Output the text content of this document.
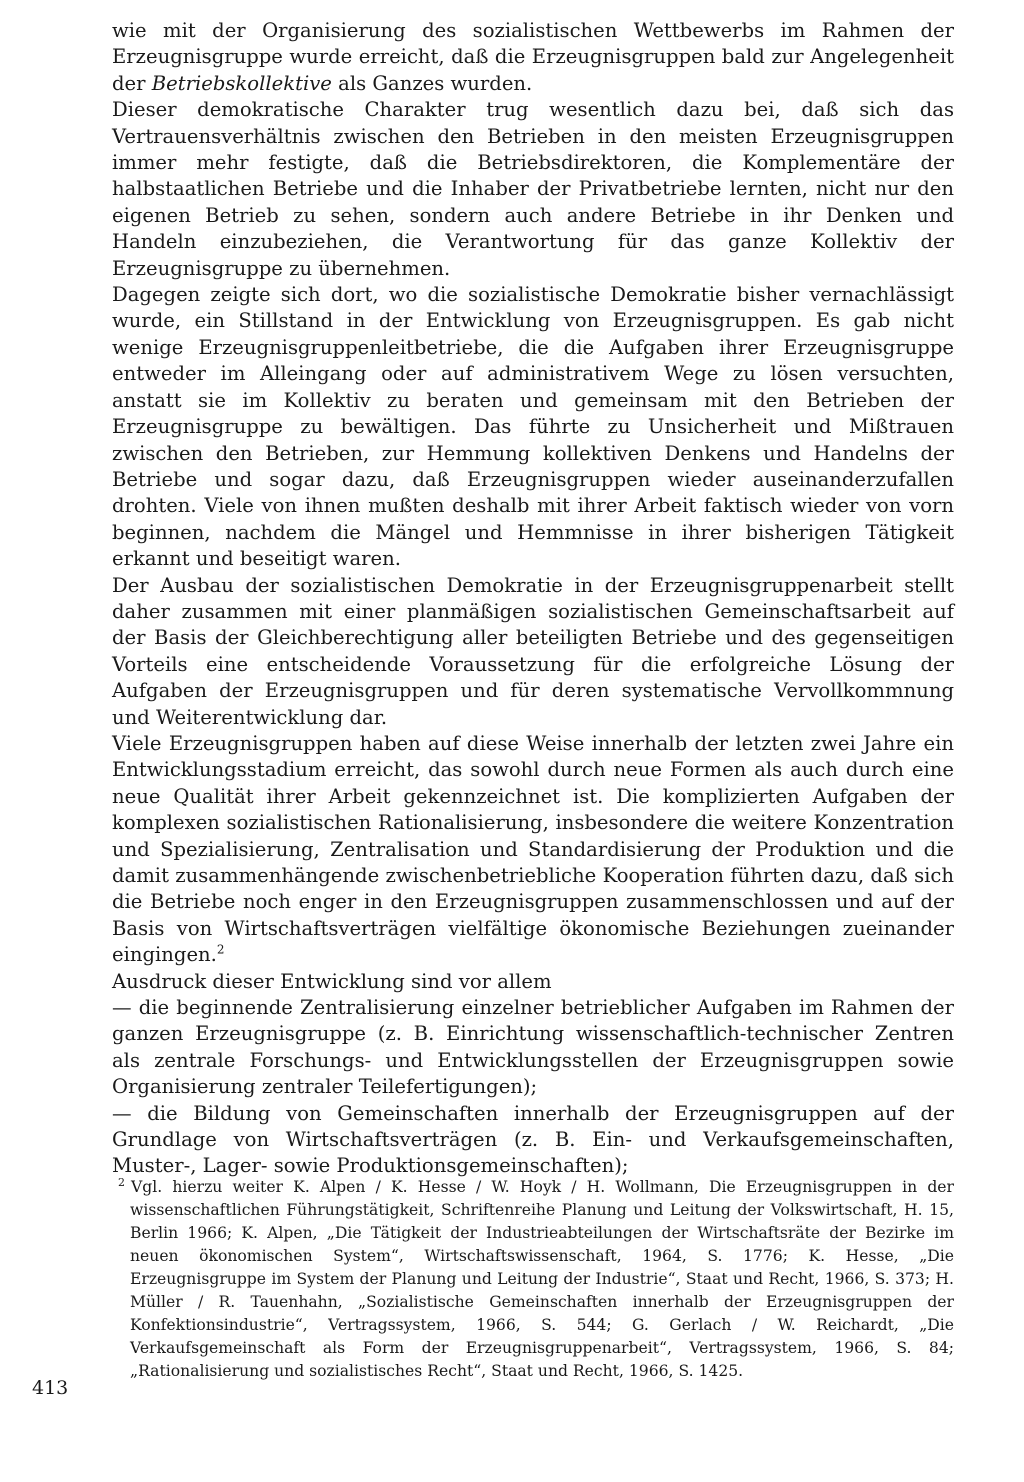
wie mit der Organisierung des sozialistischen Wettbewerbs im Rahmen der Erzeugnisgruppe wurde erreicht, daß die Erzeugnisgruppen bald zur Angelegenheit der Betriebskollektive als Ganzes wurden.

Dieser demokratische Charakter trug wesentlich dazu bei, daß sich das Vertrauensverhältnis zwischen den Betrieben in den meisten Erzeugnisgruppen immer mehr festigte, daß die Betriebsdirektoren, die Komplementäre der halbstaatlichen Betriebe und die Inhaber der Privatbetriebe lernten, nicht nur den eigenen Betrieb zu sehen, sondern auch andere Betriebe in ihr Denken und Handeln einzubeziehen, die Verantwortung für das ganze Kollektiv der Erzeugnisgruppe zu übernehmen.

Dagegen zeigte sich dort, wo die sozialistische Demokratie bisher vernachlässigt wurde, ein Stillstand in der Entwicklung von Erzeugnisgruppen. Es gab nicht wenige Erzeugnisgruppenleitbetriebe, die die Aufgaben ihrer Erzeugnisgruppe entweder im Alleingang oder auf administrativem Wege zu lösen versuchten, anstatt sie im Kollektiv zu beraten und gemeinsam mit den Betrieben der Erzeugnisgruppe zu bewältigen. Das führte zu Unsicherheit und Mißtrauen zwischen den Betrieben, zur Hemmung kollektiven Denkens und Handelns der Betriebe und sogar dazu, daß Erzeugnisgruppen wieder auseinanderzufallen drohten. Viele von ihnen mußten deshalb mit ihrer Arbeit faktisch wieder von vorn beginnen, nachdem die Mängel und Hemmnisse in ihrer bisherigen Tätigkeit erkannt und beseitigt waren.

Der Ausbau der sozialistischen Demokratie in der Erzeugnisgruppenarbeit stellt daher zusammen mit einer planmäßigen sozialistischen Gemeinschaftsarbeit auf der Basis der Gleichberechtigung aller beteiligten Betriebe und des gegenseitigen Vorteils eine entscheidende Voraussetzung für die erfolgreiche Lösung der Aufgaben der Erzeugnisgruppen und für deren systematische Vervollkommnung und Weiterentwicklung dar.

Viele Erzeugnisgruppen haben auf diese Weise innerhalb der letzten zwei Jahre ein Entwicklungsstadium erreicht, das sowohl durch neue Formen als auch durch eine neue Qualität ihrer Arbeit gekennzeichnet ist. Die komplizierten Aufgaben der komplexen sozialistischen Rationalisierung, insbesondere die weitere Konzentration und Spezialisierung, Zentralisation und Standardisierung der Produktion und die damit zusammenhängende zwischenbetriebliche Kooperation führten dazu, daß sich die Betriebe noch enger in den Erzeugnisgruppen zusammenschlossen und auf der Basis von Wirtschaftsverträgen vielfältige ökonomische Beziehungen zueinander eingingen.$^2$

Ausdruck dieser Entwicklung sind vor allem

— die beginnende Zentralisierung einzelner betrieblicher Aufgaben im Rahmen der ganzen Erzeugnisgruppe (z. B. Einrichtung wissenschaftlich-technischer Zentren als zentrale Forschungs- und Entwicklungsstellen der Erzeugnisgruppen sowie Organisierung zentraler Teilefertigungen);

— die Bildung von Gemeinschaften innerhalb der Erzeugnisgruppen auf der Grundlage von Wirtschaftsverträgen (z. B. Ein- und Verkaufsgemeinschaften, Muster-, Lager- sowie Produktionsgemeinschaften);

$^2$ Vgl. hierzu weiter K. Alpen / K. Hesse / W. Hoyk / H. Wollmann, Die Erzeugnisgruppen in der wissenschaftlichen Führungstätigkeit, Schriftenreihe Planung und Leitung der Volkswirtschaft, H. 15, Berlin 1966; K. Alpen, „Die Tätigkeit der Industrieabteilungen der Wirtschaftsräte der Bezirke im neuen ökonomischen System“, Wirtschaftswissenschaft, 1964, S. 1776; K. Hesse, „Die Erzeugnisgruppe im System der Planung und Leitung der Industrie“, Staat und Recht, 1966, S. 373; H. Müller / R. Tauenhahn, „Sozialistische Gemeinschaften innerhalb der Erzeugnisgruppen der Konfektionsindustrie“, Vertragssystem, 1966, S. 544; G. Gerlach / W. Reichardt, „Die Verkaufsgemeinschaft als Form der Erzeugnisgruppenarbeit“, Vertragssystem, 1966, S. 84; „Rationalisierung und sozialistisches Recht“, Staat und Recht, 1966, S. 1425.

413
